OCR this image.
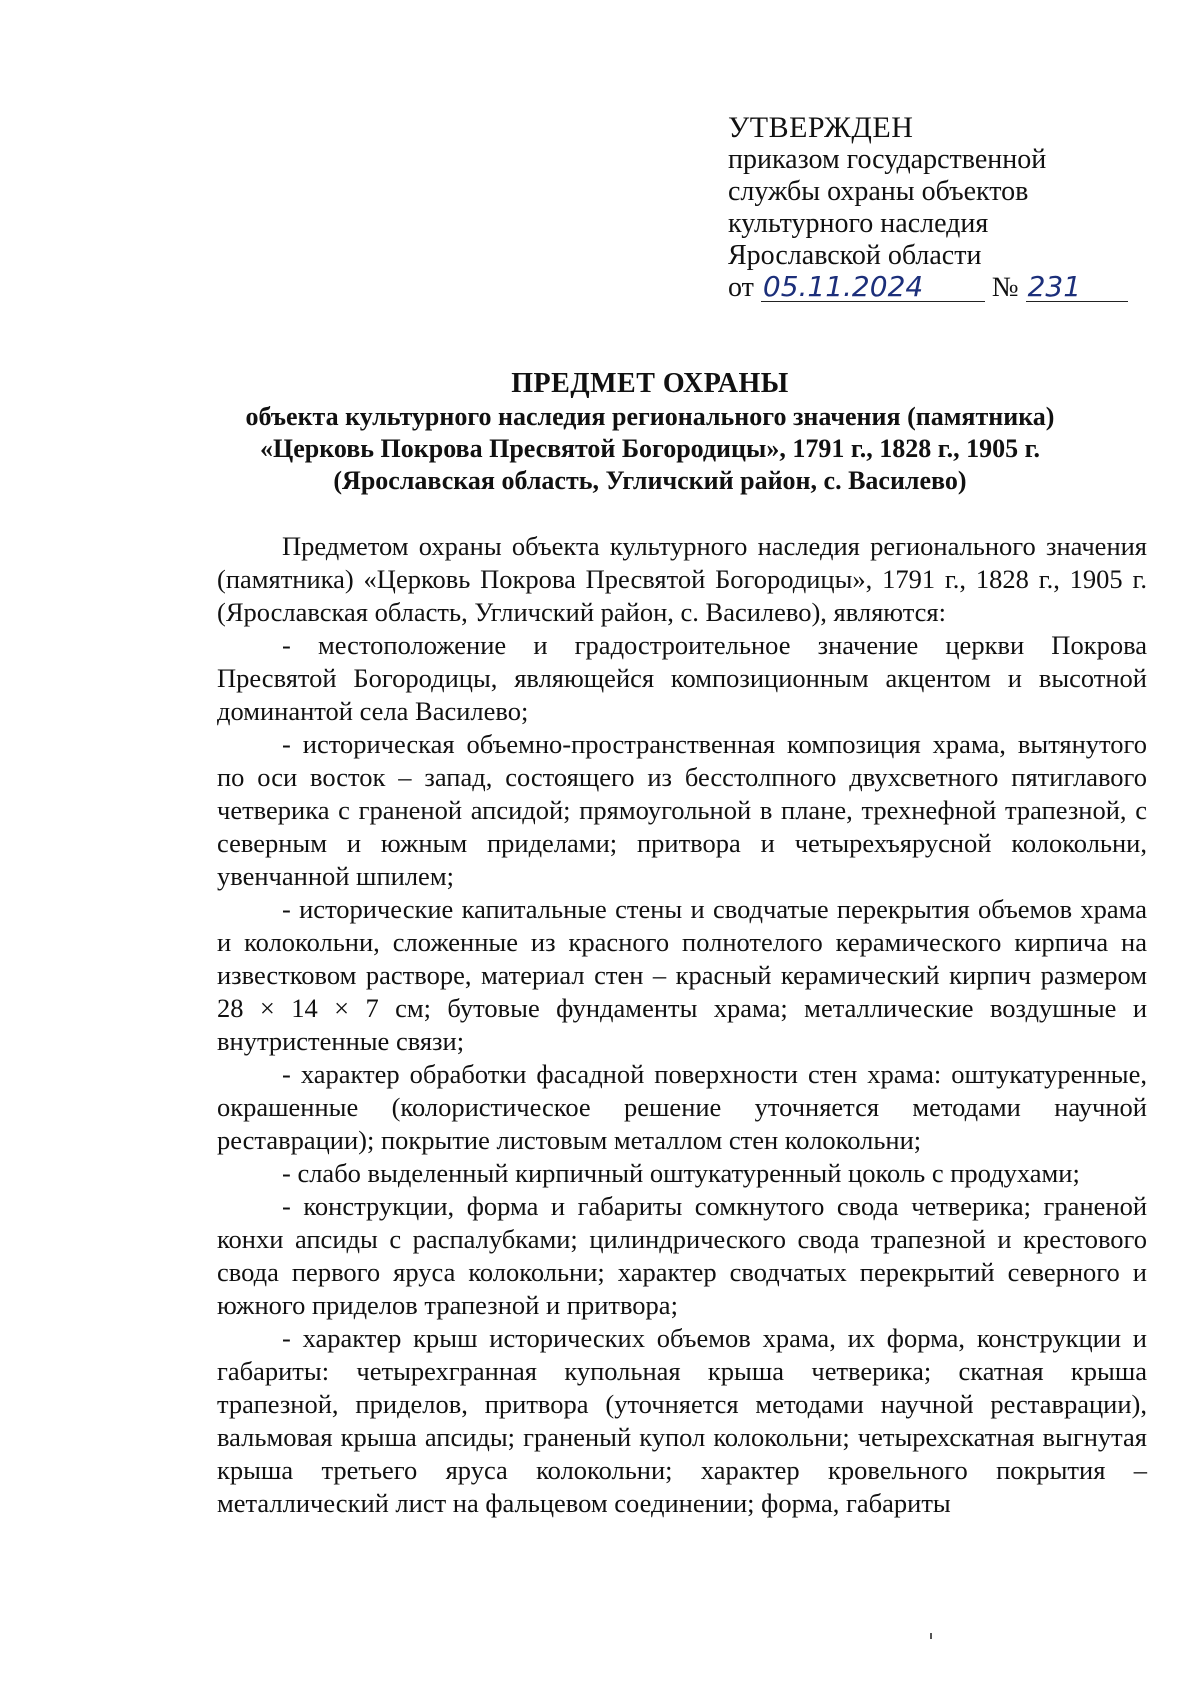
УТВЕРЖДЕН
приказом государственной
службы охраны объектов
культурного наследия
Ярославской области
от 05.11.2024 № 231
ПРЕДМЕТ ОХРАНЫ
объекта культурного наследия регионального значения (памятника)
«Церковь Покрова Пресвятой Богородицы», 1791 г., 1828 г., 1905 г.
(Ярославская область, Угличский район, с. Василево)

Предметом охраны объекта культурного наследия регионального значения (памятника) «Церковь Покрова Пресвятой Богородицы», 1791 г., 1828 г., 1905 г. (Ярославская область, Угличский район, с. Василево), являются:

- местоположение и градостроительное значение церкви Покрова Пресвятой Богородицы, являющейся композиционным акцентом и высотной доминантой села Василево;

- историческая объемно-пространственная композиция храма, вытянутого по оси восток – запад, состоящего из бесстолпного двухсветного пятиглавого четверика с граненой апсидой; прямоугольной в плане, трехнефной трапезной, с северным и южным приделами; притвора и четырехъярусной колокольни, увенчанной шпилем;

- исторические капитальные стены и сводчатые перекрытия объемов храма и колокольни, сложенные из красного полнотелого керамического кирпича на известковом растворе, материал стен – красный керамический кирпич размером 28 × 14 × 7 см; бутовые фундаменты храма; металлические воздушные и внутристенные связи;

- характер обработки фасадной поверхности стен храма: оштукатуренные, окрашенные (колористическое решение уточняется методами научной реставрации); покрытие листовым металлом стен колокольни;

- слабо выделенный кирпичный оштукатуренный цоколь с продухами;

- конструкции, форма и габариты сомкнутого свода четверика; граненой конхи апсиды с распалубками; цилиндрического свода трапезной и крестового свода первого яруса колокольни; характер сводчатых перекрытий северного и южного приделов трапезной и притвора;

- характер крыш исторических объемов храма, их форма, конструкции и габариты: четырехгранная купольная крыша четверика; скатная крыша трапезной, приделов, притвора (уточняется методами научной реставрации), вальмовая крыша апсиды; граненый купол колокольни; четырехскатная выгнутая крыша третьего яруса колокольни; характер кровельного покрытия – металлический лист на фальцевом соединении; форма, габариты
